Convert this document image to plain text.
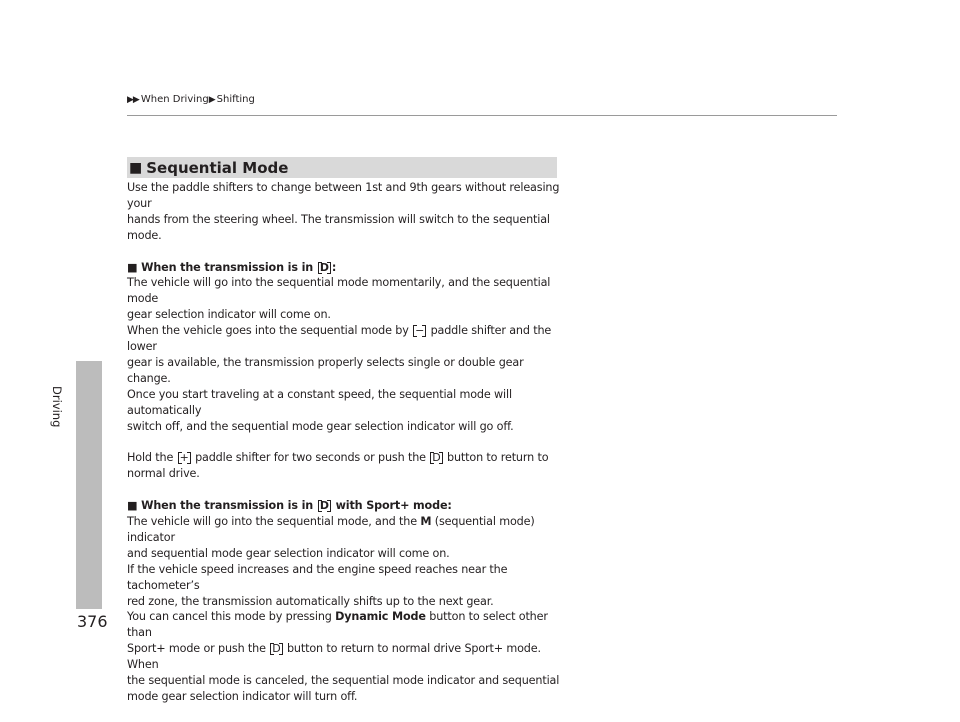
▶▶ When Driving▶ Shifting
Driving
376
■ Sequential Mode

Use the paddle shifters to change between 1st and 9th gears without releasing your

hands from the steering wheel. The transmission will switch to the sequential mode.

■ When the transmission is in D :

The vehicle will go into the sequential mode momentarily, and the sequential mode

gear selection indicator will come on.

When the vehicle goes into the sequential mode by − paddle shifter and the lower

gear is available, the transmission properly selects single or double gear change.

Once you start traveling at a constant speed, the sequential mode will automatically

switch off, and the sequential mode gear selection indicator will go off.

Hold the + paddle shifter for two seconds or push the D button to return to

normal drive.

■ When the transmission is in D with Sport+ mode:

The vehicle will go into the sequential mode, and the M (sequential mode) indicator

and sequential mode gear selection indicator will come on.

If the vehicle speed increases and the engine speed reaches near the tachometer’s

red zone, the transmission automatically shifts up to the next gear.

You can cancel this mode by pressing Dynamic Mode button to select other than

Sport+ mode or push the D button to return to normal drive Sport+ mode. When

the sequential mode is canceled, the sequential mode indicator and sequential

mode gear selection indicator will turn off.
